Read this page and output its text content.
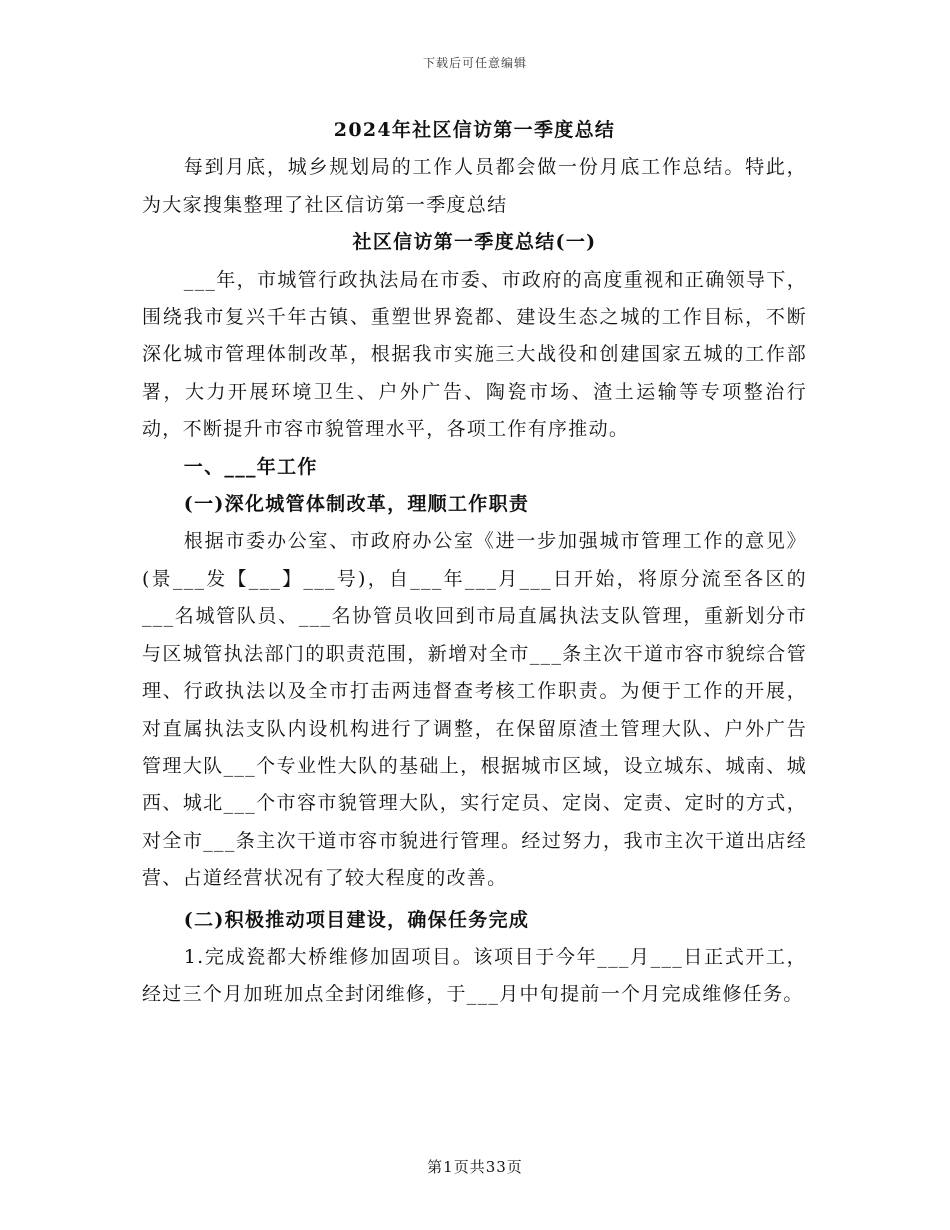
下载后可任意编辑

2024年社区信访第一季度总结

每到月底，城乡规划局的工作人员都会做一份月底工作总结。特此，为大家搜集整理了社区信访第一季度总结

社区信访第一季度总结(一)

___年，市城管行政执法局在市委、市政府的高度重视和正确领导下，围绕我市复兴千年古镇、重塑世界瓷都、建设生态之城的工作目标，不断深化城市管理体制改革，根据我市实施三大战役和创建国家五城的工作部署，大力开展环境卫生、户外广告、陶瓷市场、渣土运输等专项整治行动，不断提升市容市貌管理水平，各项工作有序推动。

一、___年工作

(一)深化城管体制改革，理顺工作职责

根据市委办公室、市政府办公室《进一步加强城市管理工作的意见》(景___发【___】___号)，自___年___月___日开始，将原分流至各区的___名城管队员、___名协管员收回到市局直属执法支队管理，重新划分市与区城管执法部门的职责范围，新增对全市___条主次干道市容市貌综合管理、行政执法以及全市打击两违督查考核工作职责。为便于工作的开展，对直属执法支队内设机构进行了调整，在保留原渣土管理大队、户外广告管理大队___个专业性大队的基础上，根据城市区域，设立城东、城南、城西、城北___个市容市貌管理大队，实行定员、定岗、定责、定时的方式，对全市___条主次干道市容市貌进行管理。经过努力，我市主次干道出店经营、占道经营状况有了较大程度的改善。

(二)积极推动项目建设，确保任务完成

1.完成瓷都大桥维修加固项目。该项目于今年___月___日正式开工，经过三个月加班加点全封闭维修，于___月中旬提前一个月完成维修任务。

第1页共33页
